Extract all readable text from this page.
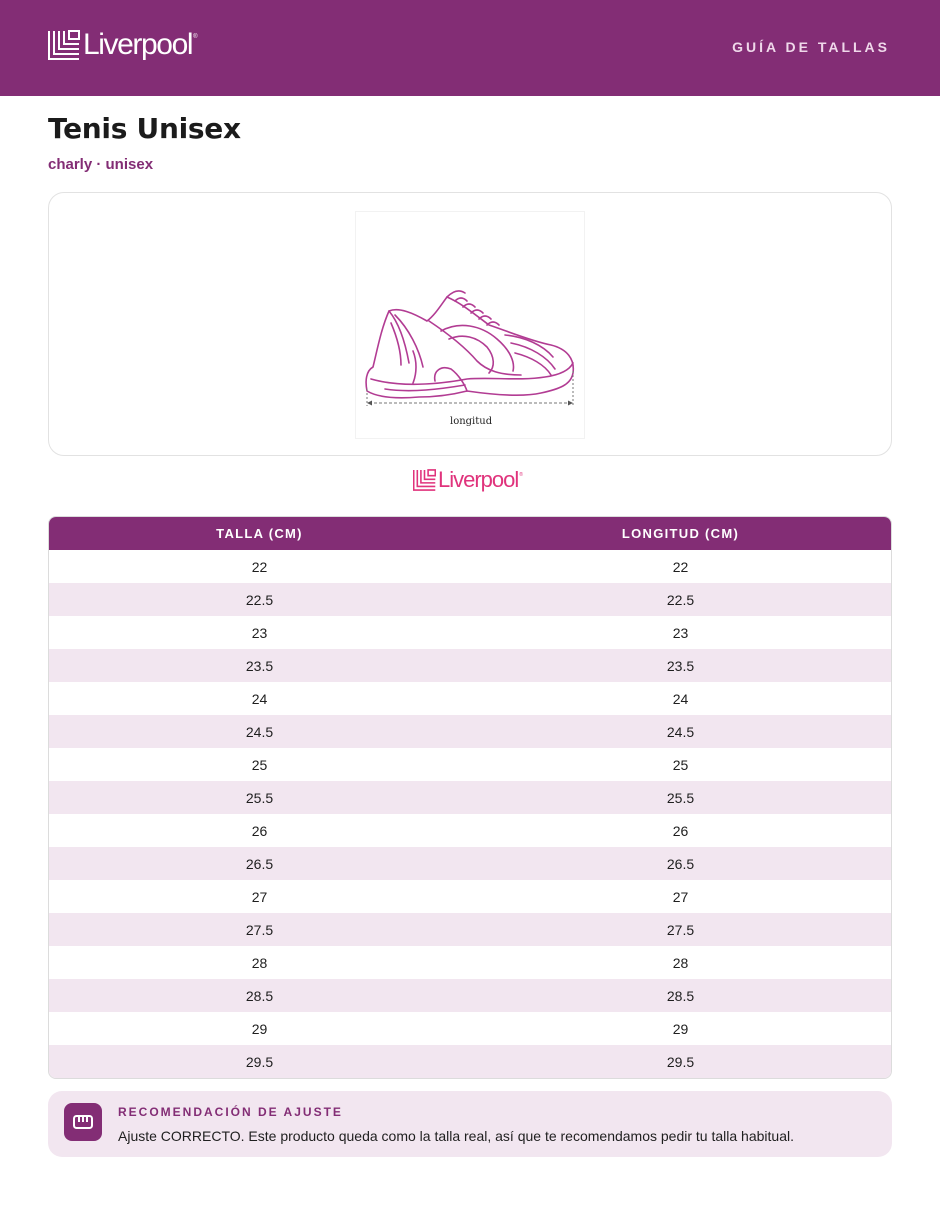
Liverpool ®
GUÍA DE TALLAS
Tenis Unisex
charly · unisex
longitud
Liverpool ®
TALLA (CM)	LONGITUD (CM)
22	22
22.5	22.5
23	23
23.5	23.5
24	24
24.5	24.5
25	25
25.5	25.5
26	26
26.5	26.5
27	27
27.5	27.5
28	28
28.5	28.5
29	29
29.5	29.5
RECOMENDACIÓN DE AJUSTE
Ajuste CORRECTO. Este producto queda como la talla real, así que te recomendamos pedir tu talla habitual.
